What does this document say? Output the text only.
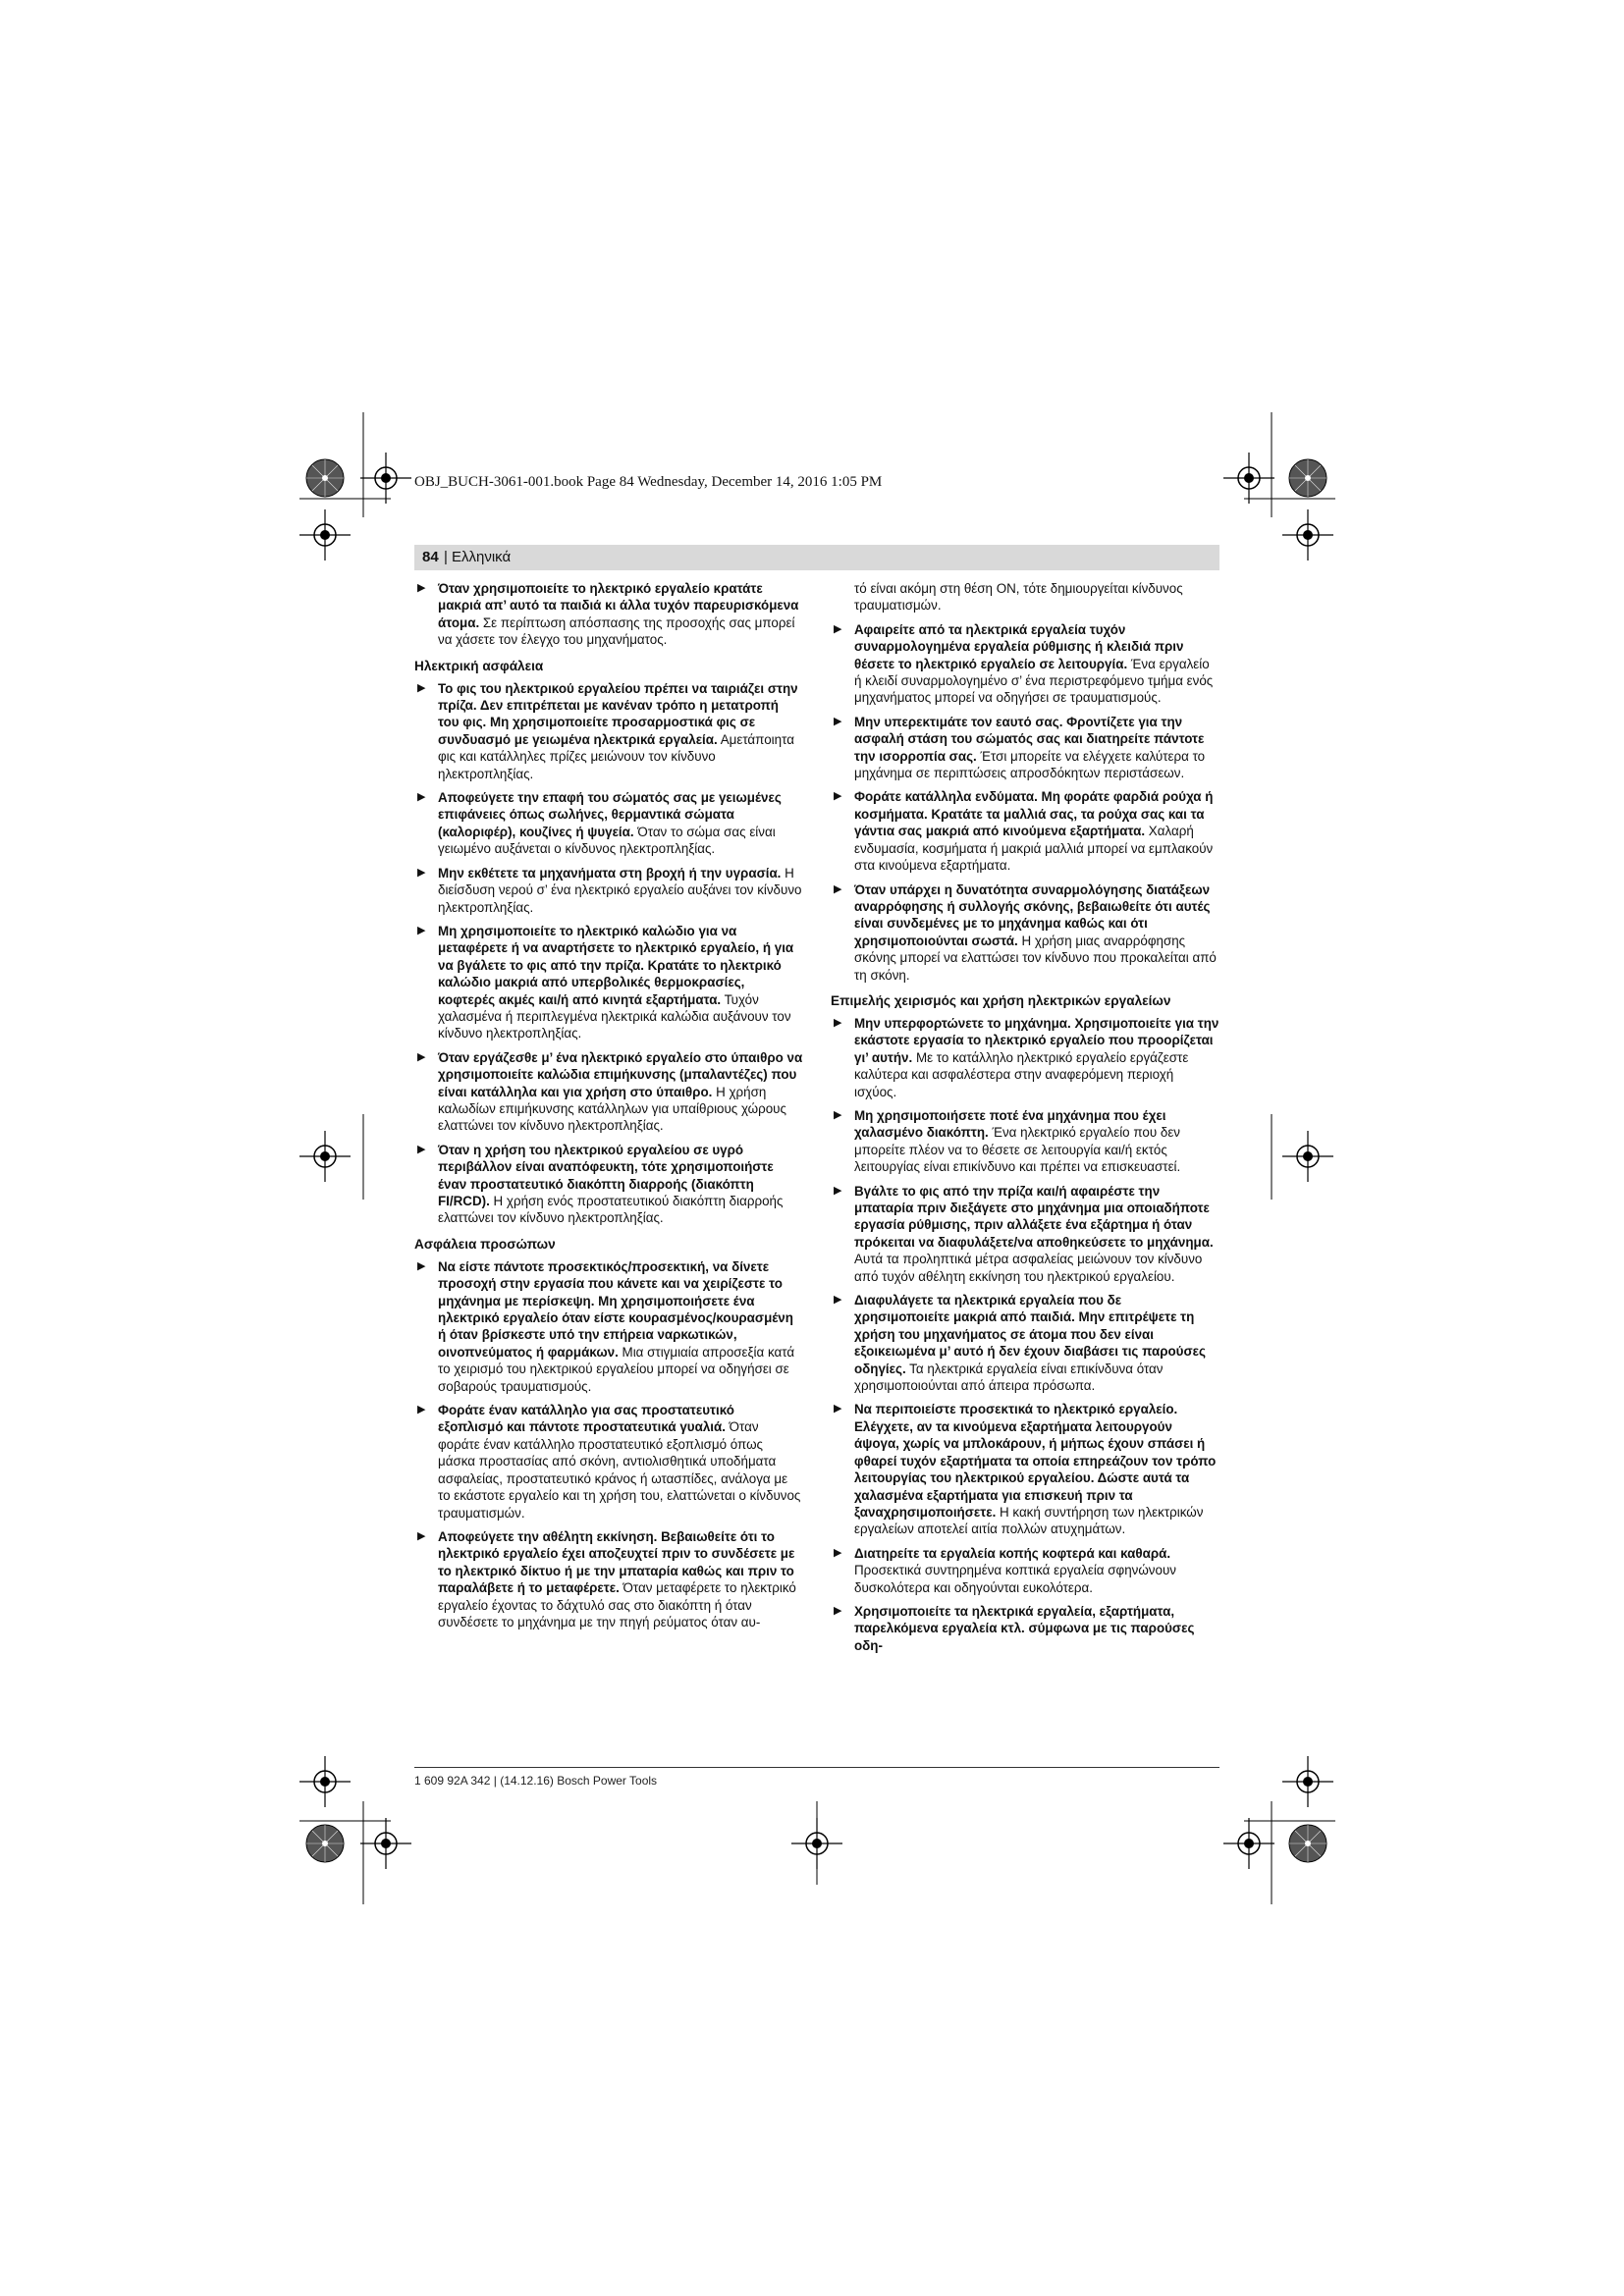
OBJ_BUCH-3061-001.book Page 84 Wednesday, December 14, 2016 1:05 PM
84 | Ελληνικά

▶ Όταν χρησιμοποιείτε το ηλεκτρικό εργαλείο κρατάτε μακριά απ’ αυτό τα παιδιά κι άλλα τυχόν παρευρισκόμενα άτομα. Σε περίπτωση απόσπασης της προσοχής σας μπορεί να χάσετε τον έλεγχο του μηχανήματος.

Ηλεκτρική ασφάλεια

▶ Το φις του ηλεκτρικού εργαλείου πρέπει να ταιριάζει στην πρίζα. Δεν επιτρέπεται με κανέναν τρόπο η μετατροπή του φις. Μη χρησιμοποιείτε προσαρμοστικά φις σε συνδυασμό με γειωμένα ηλεκτρικά εργαλεία. Αμετάποιητα φις και κατάλληλες πρίζες μειώνουν τον κίνδυνο ηλεκτροπληξίας.

▶ Αποφεύγετε την επαφή του σώματός σας με γειωμένες επιφάνειες όπως σωλήνες, θερμαντικά σώματα (καλοριφέρ), κουζίνες ή ψυγεία. Όταν το σώμα σας είναι γειωμένο αυξάνεται ο κίνδυνος ηλεκτροπληξίας.

▶ Μην εκθέτετε τα μηχανήματα στη βροχή ή την υγρασία. Η διείσδυση νερού σ’ ένα ηλεκτρικό εργαλείο αυξάνει τον κίνδυνο ηλεκτροπληξίας.

▶ Μη χρησιμοποιείτε το ηλεκτρικό καλώδιο για να μεταφέρετε ή να αναρτήσετε το ηλεκτρικό εργαλείο, ή για να βγάλετε το φις από την πρίζα. Κρατάτε το ηλεκτρικό καλώδιο μακριά από υπερβολικές θερμοκρασίες, κοφτερές ακμές και/ή από κινητά εξαρτήματα. Τυχόν χαλασμένα ή περιπλεγμένα ηλεκτρικά καλώδια αυξάνουν τον κίνδυνο ηλεκτροπληξίας.

▶ Όταν εργάζεσθε μ’ ένα ηλεκτρικό εργαλείο στο ύπαιθρο να χρησιμοποιείτε καλώδια επιμήκυνσης (μπαλαντέζες) που είναι κατάλληλα και για χρήση στο ύπαιθρο. Η χρήση καλωδίων επιμήκυνσης κατάλληλων για υπαίθριους χώρους ελαττώνει τον κίνδυνο ηλεκτροπληξίας.

▶ Όταν η χρήση του ηλεκτρικού εργαλείου σε υγρό περιβάλλον είναι αναπόφευκτη, τότε χρησιμοποιήστε έναν προστατευτικό διακόπτη διαρροής (διακόπτη FI/RCD). Η χρήση ενός προστατευτικού διακόπτη διαρροής ελαττώνει τον κίνδυνο ηλεκτροπληξίας.

Ασφάλεια προσώπων

▶ Να είστε πάντοτε προσεκτικός/προσεκτική, να δίνετε προσοχή στην εργασία που κάνετε και να χειρίζεστε το μηχάνημα με περίσκεψη. Μη χρησιμοποιήσετε ένα ηλεκτρικό εργαλείο όταν είστε κουρασμένος/κουρασμένη ή όταν βρίσκεστε υπό την επήρεια ναρκωτικών, οινοπνεύματος ή φαρμάκων. Μια στιγμιαία απροσεξία κατά το χειρισμό του ηλεκτρικού εργαλείου μπορεί να οδηγήσει σε σοβαρούς τραυματισμούς.

▶ Φοράτε έναν κατάλληλο για σας προστατευτικό εξοπλισμό και πάντοτε προστατευτικά γυαλιά. Όταν φοράτε έναν κατάλληλο προστατευτικό εξοπλισμό όπως μάσκα προστασίας από σκόνη, αντιολισθητικά υποδήματα ασφαλείας, προστατευτικό κράνος ή ωτασπίδες, ανάλογα με το εκάστοτε εργαλείο και τη χρήση του, ελαττώνεται ο κίνδυνος τραυματισμών.

▶ Αποφεύγετε την αθέλητη εκκίνηση. Βεβαιωθείτε ότι το ηλεκτρικό εργαλείο έχει αποζευχτεί πριν το συνδέσετε με το ηλεκτρικό δίκτυο ή με την μπαταρία καθώς και πριν το παραλάβετε ή το μεταφέρετε. Όταν μεταφέρετε το ηλεκτρικό εργαλείο έχοντας το δάχτυλό σας στο διακόπτη ή όταν συνδέσετε το μηχάνημα με την πηγή ρεύματος όταν αυ-

τό είναι ακόμη στη θέση ON, τότε δημιουργείται κίνδυνος τραυματισμών.

▶ Αφαιρείτε από τα ηλεκτρικά εργαλεία τυχόν συναρμολογημένα εργαλεία ρύθμισης ή κλειδιά πριν θέσετε το ηλεκτρικό εργαλείο σε λειτουργία. Ένα εργαλείο ή κλειδί συναρμολογημένο σ’ ένα περιστρεφόμενο τμήμα ενός μηχανήματος μπορεί να οδηγήσει σε τραυματισμούς.

▶ Μην υπερεκτιμάτε τον εαυτό σας. Φροντίζετε για την ασφαλή στάση του σώματός σας και διατηρείτε πάντοτε την ισορροπία σας. Έτσι μπορείτε να ελέγχετε καλύτερα το μηχάνημα σε περιπτώσεις απροσδόκητων περιστάσεων.

▶ Φοράτε κατάλληλα ενδύματα. Μη φοράτε φαρδιά ρούχα ή κοσμήματα. Κρατάτε τα μαλλιά σας, τα ρούχα σας και τα γάντια σας μακριά από κινούμενα εξαρτήματα. Χαλαρή ενδυμασία, κοσμήματα ή μακριά μαλλιά μπορεί να εμπλακούν στα κινούμενα εξαρτήματα.

▶ Όταν υπάρχει η δυνατότητα συναρμολόγησης διατάξεων αναρρόφησης ή συλλογής σκόνης, βεβαιωθείτε ότι αυτές είναι συνδεμένες με το μηχάνημα καθώς και ότι χρησιμοποιούνται σωστά. Η χρήση μιας αναρρόφησης σκόνης μπορεί να ελαττώσει τον κίνδυνο που προκαλείται από τη σκόνη.

Επιμελής χειρισμός και χρήση ηλεκτρικών εργαλείων

▶ Μην υπερφορτώνετε το μηχάνημα. Χρησιμοποιείτε για την εκάστοτε εργασία το ηλεκτρικό εργαλείο που προορίζεται γι’ αυτήν. Με το κατάλληλο ηλεκτρικό εργαλείο εργάζεστε καλύτερα και ασφαλέστερα στην αναφερόμενη περιοχή ισχύος.

▶ Μη χρησιμοποιήσετε ποτέ ένα μηχάνημα που έχει χαλασμένο διακόπτη. Ένα ηλεκτρικό εργαλείο που δεν μπορείτε πλέον να το θέσετε σε λειτουργία και/ή εκτός λειτουργίας είναι επικίνδυνο και πρέπει να επισκευαστεί.

▶ Βγάλτε το φις από την πρίζα και/ή αφαιρέστε την μπαταρία πριν διεξάγετε στο μηχάνημα μια οποιαδήποτε εργασία ρύθμισης, πριν αλλάξετε ένα εξάρτημα ή όταν πρόκειται να διαφυλάξετε/να αποθηκεύσετε το μηχάνημα. Αυτά τα προληπτικά μέτρα ασφαλείας μειώνουν τον κίνδυνο από τυχόν αθέλητη εκκίνηση του ηλεκτρικού εργαλείου.

▶ Διαφυλάγετε τα ηλεκτρικά εργαλεία που δε χρησιμοποιείτε μακριά από παιδιά. Μην επιτρέψετε τη χρήση του μηχανήματος σε άτομα που δεν είναι εξοικειωμένα μ’ αυτό ή δεν έχουν διαβάσει τις παρούσες οδηγίες. Τα ηλεκτρικά εργαλεία είναι επικίνδυνα όταν χρησιμοποιούνται από άπειρα πρόσωπα.

▶ Να περιποιείστε προσεκτικά το ηλεκτρικό εργαλείο. Ελέγχετε, αν τα κινούμενα εξαρτήματα λειτουργούν άψογα, χωρίς να μπλοκάρουν, ή μήπως έχουν σπάσει ή φθαρεί τυχόν εξαρτήματα τα οποία επηρεάζουν τον τρόπο λειτουργίας του ηλεκτρικού εργαλείου. Δώστε αυτά τα χαλασμένα εξαρτήματα για επισκευή πριν τα ξαναχρησιμοποιήσετε. Η κακή συντήρηση των ηλεκτρικών εργαλείων αποτελεί αιτία πολλών ατυχημάτων.

▶ Διατηρείτε τα εργαλεία κοπής κοφτερά και καθαρά. Προσεκτικά συντηρημένα κοπτικά εργαλεία σφηνώνουν δυσκολότερα και οδηγούνται ευκολότερα.

▶ Χρησιμοποιείτε τα ηλεκτρικά εργαλεία, εξαρτήματα, παρελκόμενα εργαλεία κτλ. σύμφωνα με τις παρούσες οδη-

1 609 92A 342 | (14.12.16) Bosch Power Tools
